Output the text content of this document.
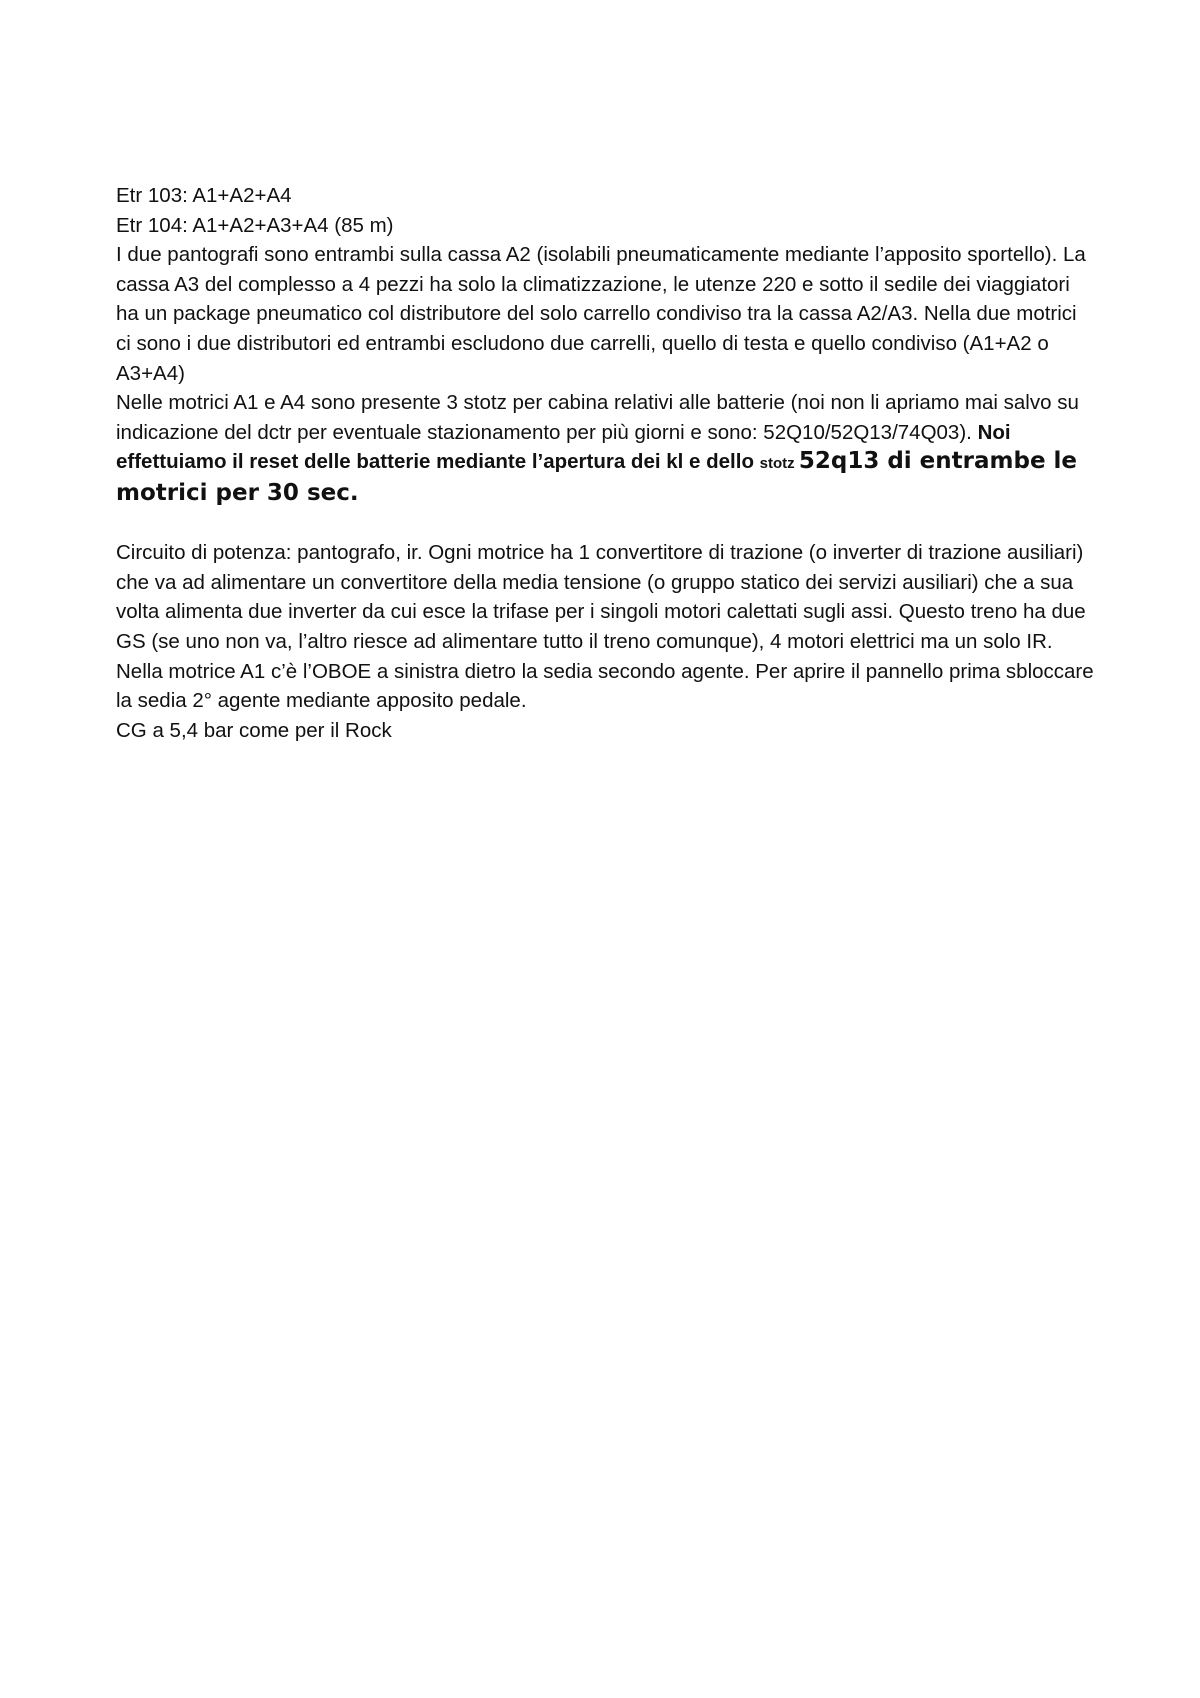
Etr 103: A1+A2+A4

Etr 104: A1+A2+A3+A4 (85 m)

I due pantografi sono entrambi sulla cassa A2 (isolabili pneumaticamente mediante l’apposito sportello). La cassa A3 del complesso a 4 pezzi ha solo la climatizzazione, le utenze 220 e sotto il sedile dei viaggiatori ha un package pneumatico col distributore del solo carrello condiviso tra la cassa A2/A3. Nella due motrici ci sono i due distributori ed entrambi escludono due carrelli, quello di testa e quello condiviso (A1+A2 o A3+A4)

Nelle motrici A1 e A4 sono presente 3 stotz per cabina relativi alle batterie (noi non li apriamo mai salvo su indicazione del dctr per eventuale stazionamento per più giorni e sono: 52Q10/52Q13/74Q03). Noi effettuiamo il reset delle batterie mediante l’apertura dei kl e dello stotz 52q13 di entrambe le motrici per 30 sec.

Circuito di potenza: pantografo, ir. Ogni motrice ha 1 convertitore di trazione (o inverter di trazione ausiliari) che va ad alimentare un convertitore della media tensione (o gruppo statico dei servizi ausiliari) che a sua volta alimenta due inverter da cui esce la trifase per i singoli motori calettati sugli assi. Questo treno ha due GS (se uno non va, l’altro riesce ad alimentare tutto il treno comunque), 4 motori elettrici ma un solo IR.

Nella motrice A1 c’è l’OBOE a sinistra dietro la sedia secondo agente. Per aprire il pannello prima sbloccare la sedia 2° agente mediante apposito pedale.

CG a 5,4 bar come per il Rock
